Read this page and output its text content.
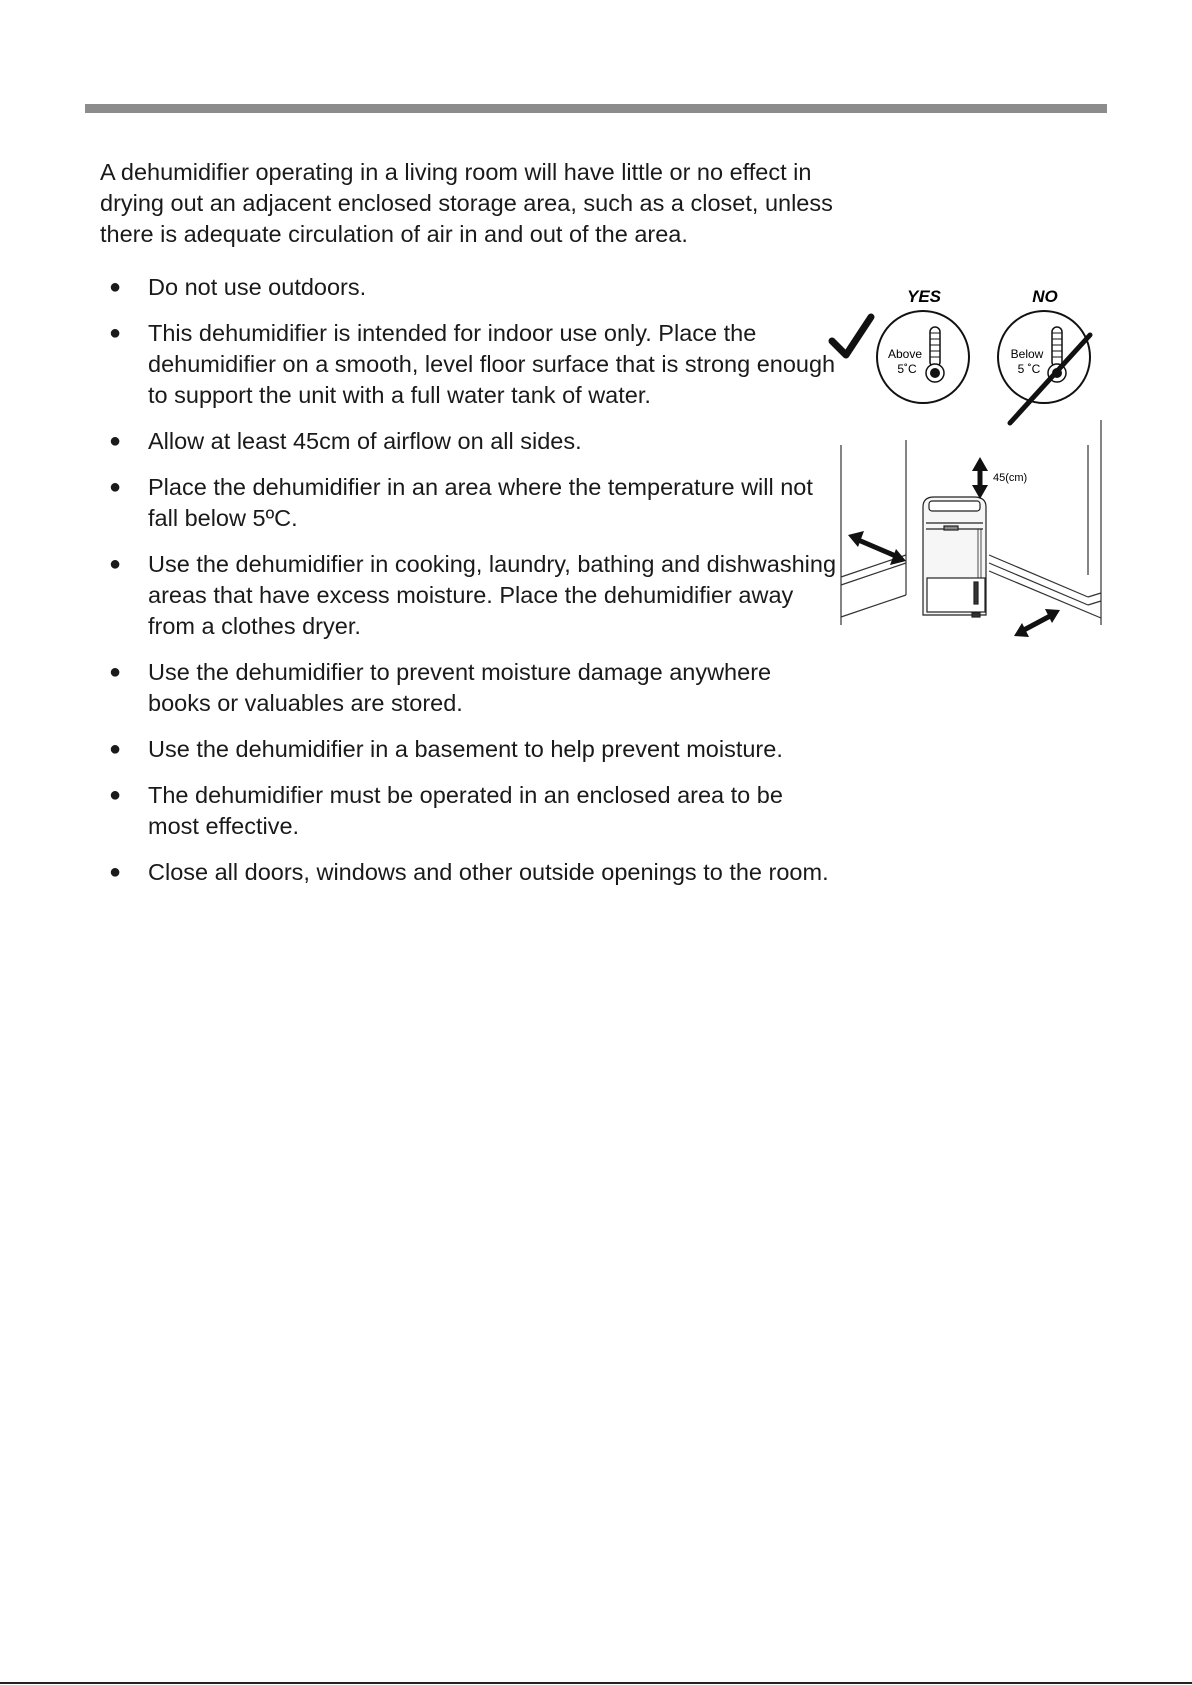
A dehumidifier operating in a living room will have little or no effect in drying out an adjacent enclosed storage area, such as a closet, unless there is adequate circulation of air in and out of the area.

● Do not use outdoors.
● This dehumidifier is intended for indoor use only. Place the dehumidifier on a smooth, level floor surface that is strong enough to support the unit with a full water tank of water.
● Allow at least 45cm of airflow on all sides.
● Place the dehumidifier in an area where the temperature will not fall below 5ºC.
● Use the dehumidifier in cooking, laundry, bathing and dishwashing areas that have excess moisture. Place the dehumidifier away from a clothes dryer.
● Use the dehumidifier to prevent moisture damage anywhere books or valuables are stored.
● Use the dehumidifier in a basement to help prevent moisture.
● The dehumidifier must be operated in an enclosed area to be most effective.
● Close all doors, windows and other outside openings to the room.
YES	NO
Above
5˚C
Below
5 ˚C
45(cm)
